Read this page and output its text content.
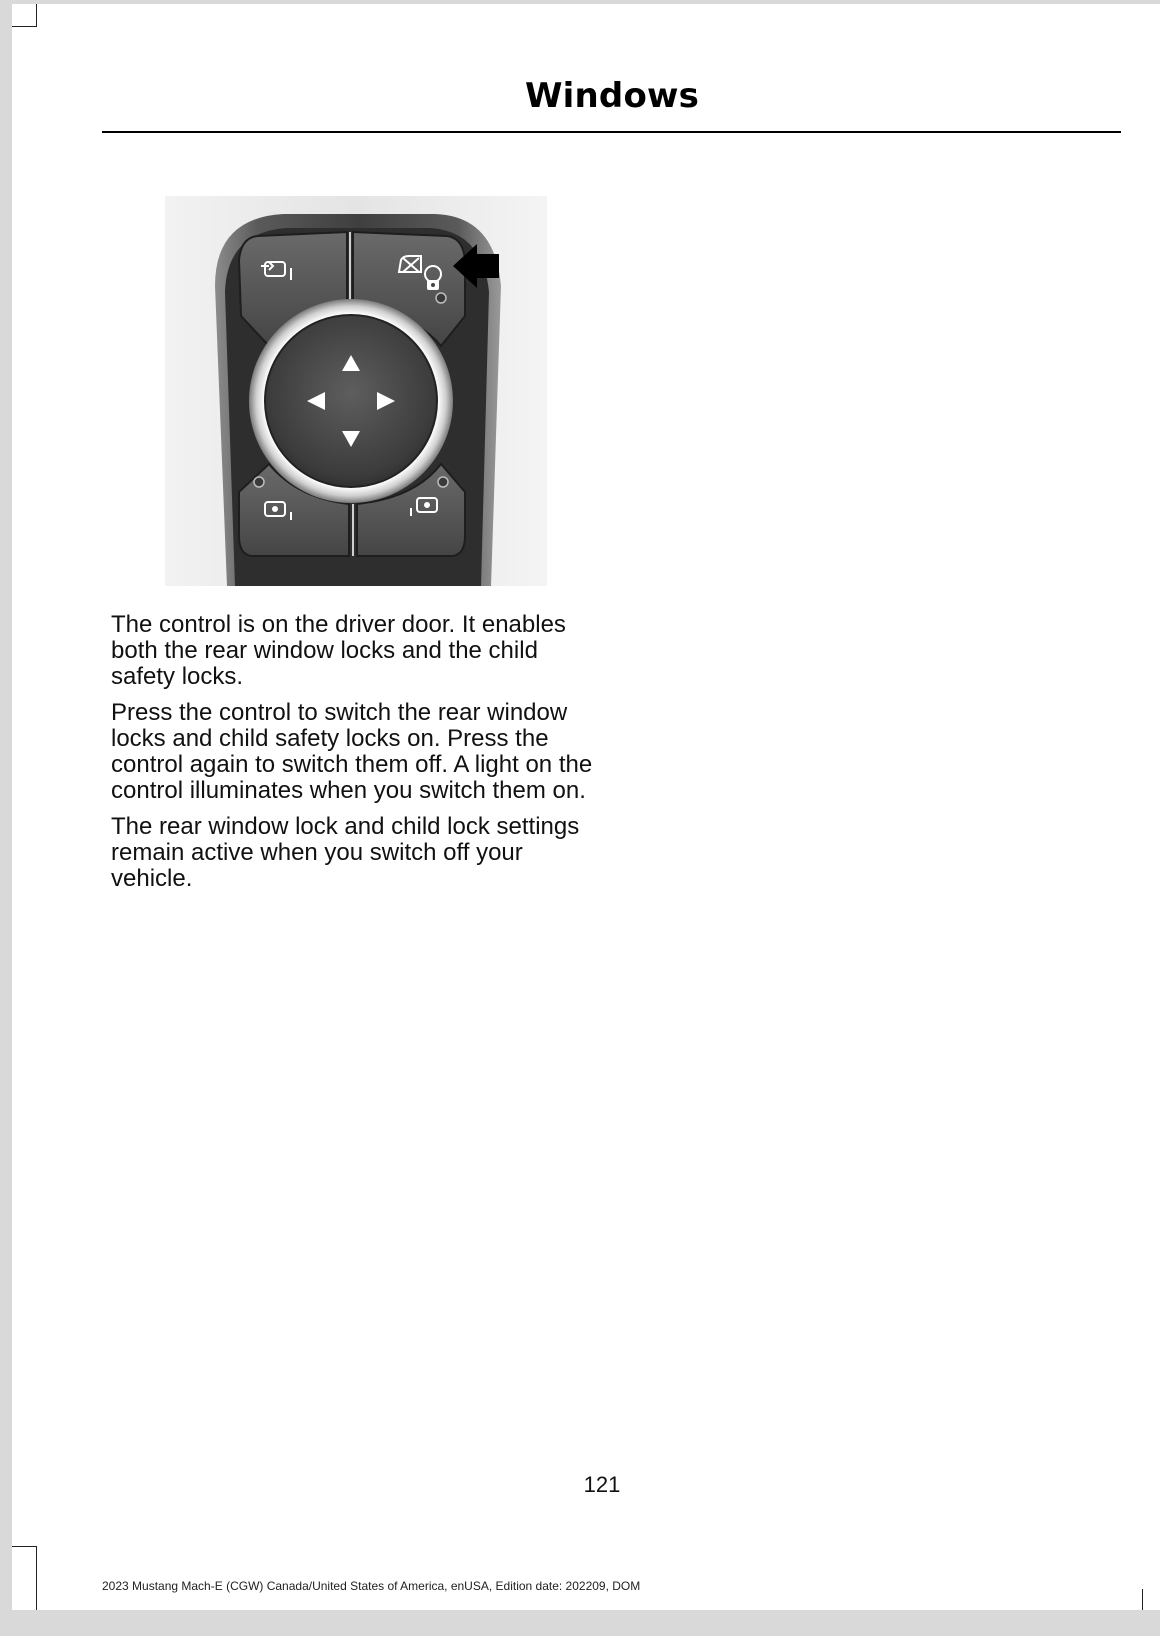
Windows

The control is on the driver door. It enables both the rear window locks and the child safety locks.

Press the control to switch the rear window locks and child safety locks on. Press the control again to switch them off. A light on the control illuminates when you switch them on.

The rear window lock and child lock settings remain active when you switch off your vehicle.

121
2023 Mustang Mach-E (CGW) Canada/United States of America, enUSA, Edition date: 202209, DOM
